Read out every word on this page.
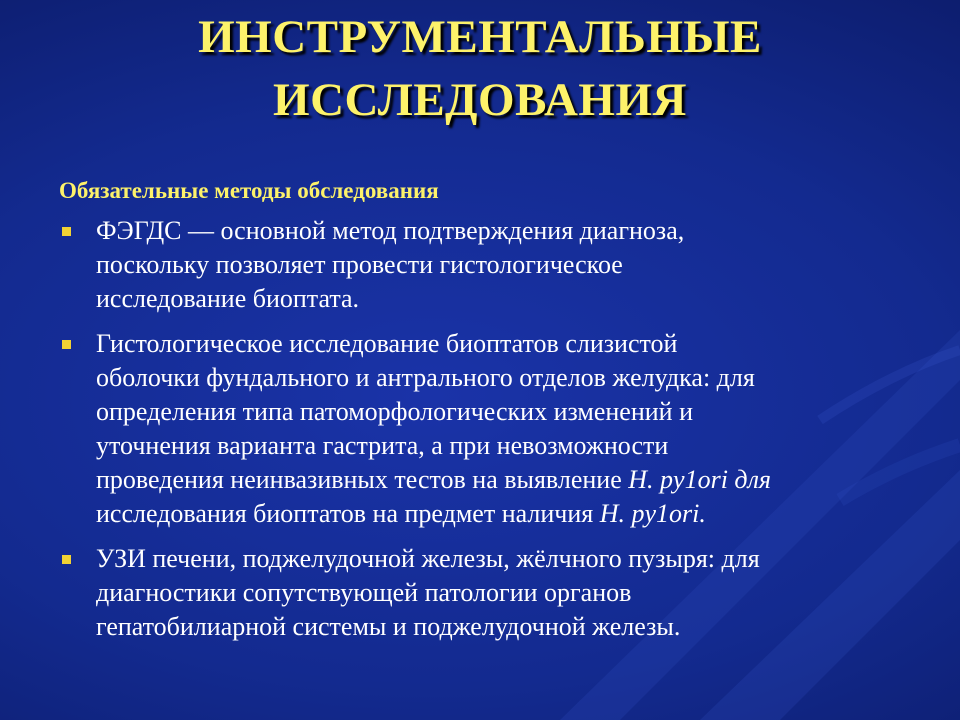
ИНСТРУМЕНТАЛЬНЫЕ
ИССЛЕДОВАНИЯ
Обязательные методы обследования
ФЭГДС — основной метод подтверждения диагноза,
поскольку позволяет провести гистологическое
исследование биоптата.
Гистологическое исследование биоптатов слизистой
оболочки фундального и антрального отделов желудка: для
определения типа патоморфологических изменений и
уточнения варианта гастрита, а при невозможности
проведения неинвазивных тестов на выявление H. py1ori для
исследования биоптатов на предмет наличия H. py1ori.
УЗИ печени, поджелудочной железы, жёлчного пузыря: для
диагностики сопутствующей патологии органов
гепатобилиарной системы и поджелудочной железы.
